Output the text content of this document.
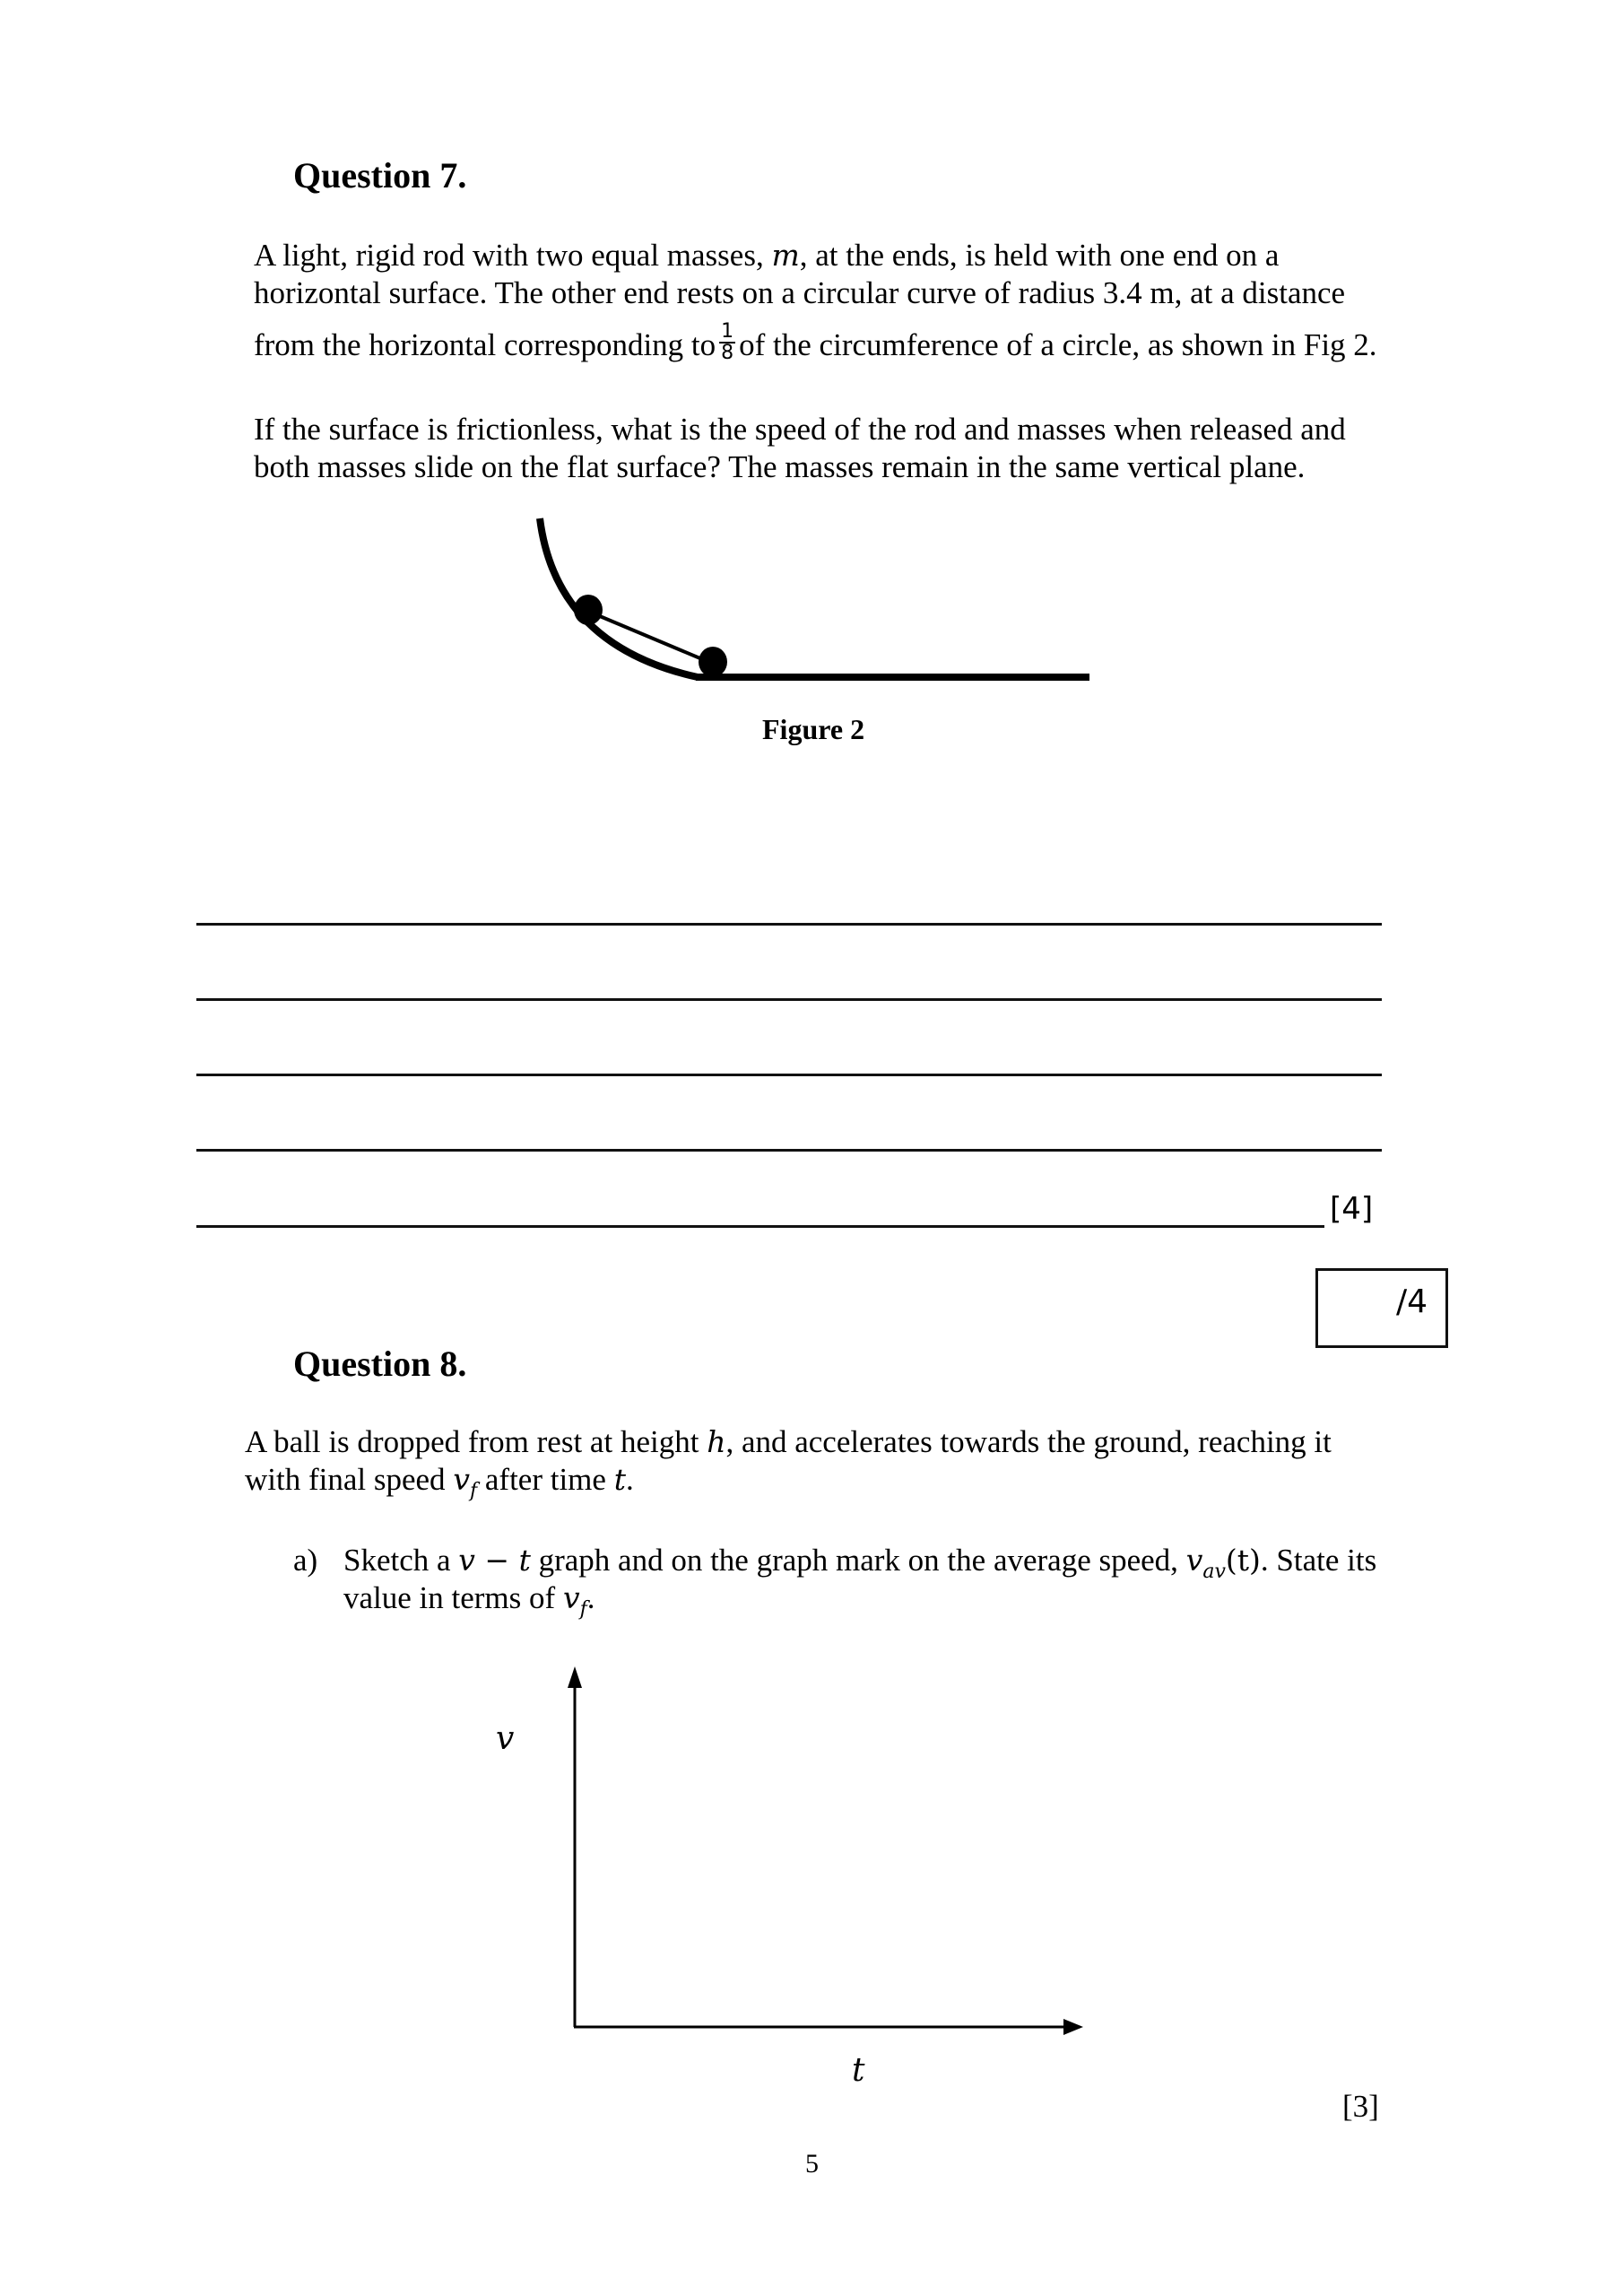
Question 7.
A light, rigid rod with two equal masses, m, at the ends, is held with one end on a
horizontal surface. The other end rests on a circular curve of radius 3.4 m, at a distance
from the horizontal corresponding to $\frac{1}{8}$ of the circumference of a circle, as shown in Fig 2.
If the surface is frictionless, what is the speed of the rod and masses when released and
both masses slide on the flat surface? The masses remain in the same vertical plane.
Figure 2
[4]
/4
Question 8.
A ball is dropped from rest at height h, and accelerates towards the ground, reaching it
with final speed $v_f$ after time t.
a) Sketch a v − t graph and on the graph mark on the average speed, $v_{av}(t)$. State its
value in terms of $v_f$.
v
t
[3]
5
